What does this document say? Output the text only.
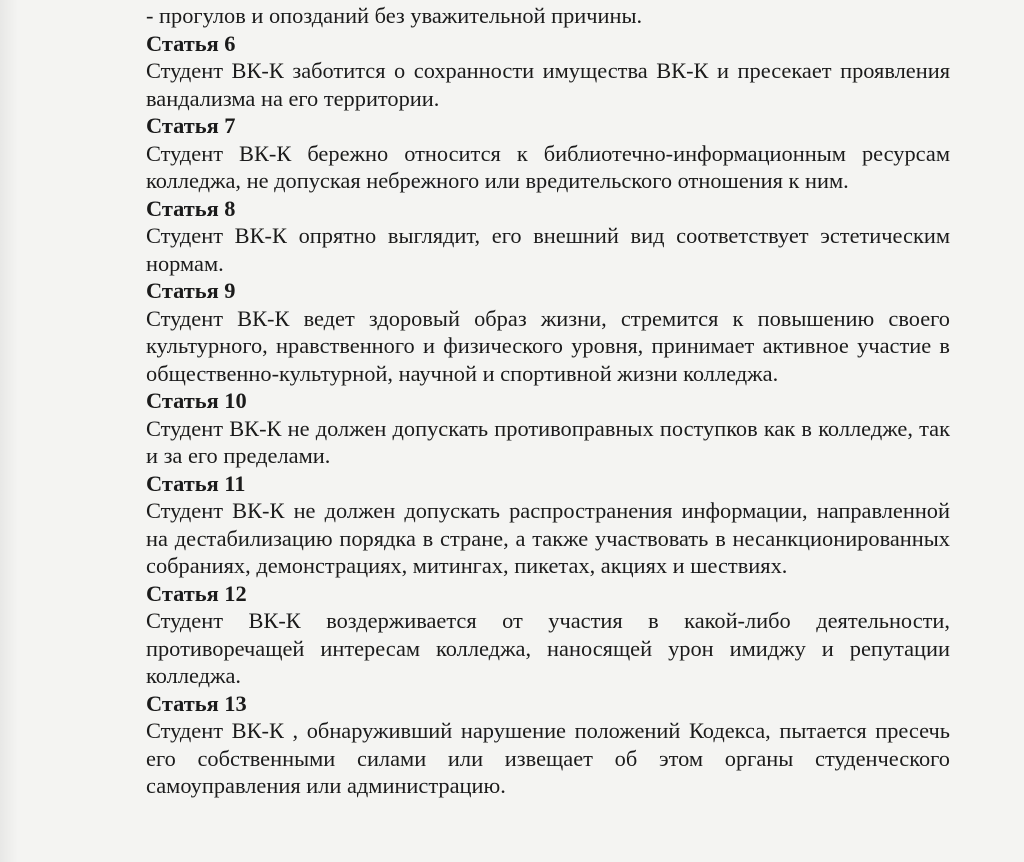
- прогулов и опозданий без уважительной причины.

Статья 6

Студент ВК-К заботится о сохранности имущества ВК-К и пресекает проявления вандализма на его территории.

Статья 7

Студент ВК-К бережно относится к библиотечно-информационным ресурсам колледжа, не допуская небрежного или вредительского отношения к ним.

Статья 8

Студент ВК-К опрятно выглядит, его внешний вид соответствует эстетическим нормам.

Статья 9

Студент ВК-К ведет здоровый образ жизни, стремится к повышению своего культурного, нравственного и физического уровня, принимает активное участие в общественно-культурной, научной и спортивной жизни колледжа.

Статья 10

Студент ВК-К не должен допускать противоправных поступков как в колледже, так и за его пределами.

Статья 11

Студент ВК-К не должен допускать распространения информации, направленной на дестабилизацию порядка в стране, а также участвовать в несанкционированных собраниях, демонстрациях, митингах, пикетах, акциях и шествиях.

Статья 12

Студент ВК-К воздерживается от участия в какой-либо деятельности, противоречащей интересам колледжа, наносящей урон имиджу и репутации колледжа.

Статья 13

Студент ВК-К , обнаруживший нарушение положений Кодекса, пытается пресечь его собственными силами или извещает об этом органы студенческого самоуправления или администрацию.
